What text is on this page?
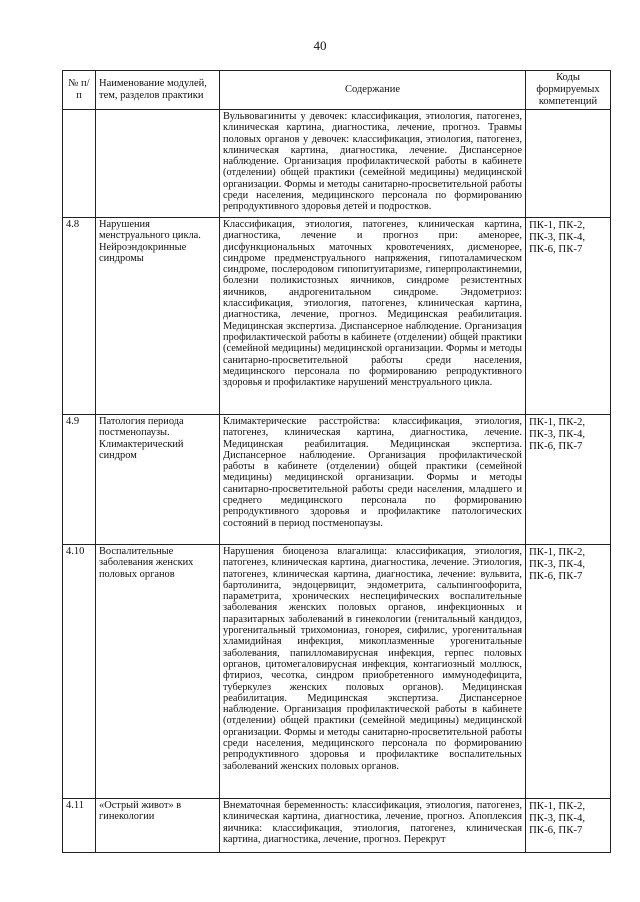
40
№ п/п	Наименование модулей, тем, разделов практики	Содержание	Коды формируемых компетенций
		Вульвовагиниты у девочек: классификация, этиология, патогенез, клиническая картина, диагностика, лечение, прогноз. Травмы половых органов у девочек: классификация, этиология, патогенез, клиническая картина, диагностика, лечение. Диспансерное наблюдение. Организация профилактической работы в кабинете (отделении) общей практики (семейной медицины) медицинской организации. Формы и методы санитарно-просветительной работы среди населения, медицинского персонала по формированию репродуктивного здоровья детей и подростков.	
4.8	Нарушения менструального цикла. Нейроэндокринные синдромы	Классификация, этиология, патогенез, клиническая картина, диагностика, лечение и прогноз при: аменорее, дисфункциональных маточных кровотечениях, дисменорее, синдроме предменструального напряжения, гипоталамическом синдроме, послеродовом гипопитуитаризме, гиперпролактинемии, болезни поликистозных яичников, синдроме резистентных яичников, андрогенитальном синдроме. Эндометриоз: классификация, этиология, патогенез, клиническая картина, диагностика, лечение, прогноз. Медицинская реабилитация. Медицинская экспертиза. Диспансерное наблюдение. Организация профилактической работы в кабинете (отделении) общей практики (семейной медицины) медицинской организации. Формы и методы санитарно-просветительной работы среди населения, медицинского персонала по формированию репродуктивного здоровья и профилактике нарушений менструального цикла.	ПК-1, ПК-2, ПК-3, ПК-4, ПК-6, ПК-7
4.9	Патология периода постменопаузы. Климактерический синдром	Климактерические расстройства: классификация, этиология, патогенез, клиническая картина, диагностика, лечение. Медицинская реабилитация. Медицинская экспертиза. Диспансерное наблюдение. Организация профилактической работы в кабинете (отделении) общей практики (семейной медицины) медицинской организации. Формы и методы санитарно-просветительной работы среди населения, младшего и среднего медицинского персонала по формированию репродуктивного здоровья и профилактике патологических состояний в период постменопаузы.	ПК-1, ПК-2, ПК-3, ПК-4, ПК-6, ПК-7
4.10	Воспалительные заболевания женских половых органов	Нарушения биоценоза влагалища: классификация, этиология, патогенез, клиническая картина, диагностика, лечение. Этиология, патогенез, клиническая картина, диагностика, лечение: вульвита, бартолинита, эндоцервицит, эндометрита, сальпингоофорита, параметрита, хронических неспецифических воспалительные заболевания женских половых органов, инфекционных и паразитарных заболеваний в гинекологии (генитальный кандидоз, урогенитальный трихомониаз, гонорея, сифилис, урогенитальная хламидийная инфекция, микоплазменные урогенитальные заболевания, папилломавирусная инфекция, герпес половых органов, цитомегаловирусная инфекция, контагиозный моллюск, фтириоз, чесотка, синдром приобретенного иммунодефицита, туберкулез женских половых органов). Медицинская реабилитация. Медицинская экспертиза. Диспансерное наблюдение. Организация профилактической работы в кабинете (отделении) общей практики (семейной медицины) медицинской организации. Формы и методы санитарно-просветительной работы среди населения, медицинского персонала по формированию репродуктивного здоровья и профилактике воспалительных заболеваний женских половых органов.	ПК-1, ПК-2, ПК-3, ПК-4, ПК-6, ПК-7
4.11	«Острый живот» в гинекологии	Внематочная беременность: классификация, этиология, патогенез, клиническая картина, диагностика, лечение, прогноз. Апоплексия яичника: классификация, этиология, патогенез, клиническая картина, диагностика, лечение, прогноз. Перекрут	ПК-1, ПК-2, ПК-3, ПК-4, ПК-6, ПК-7
